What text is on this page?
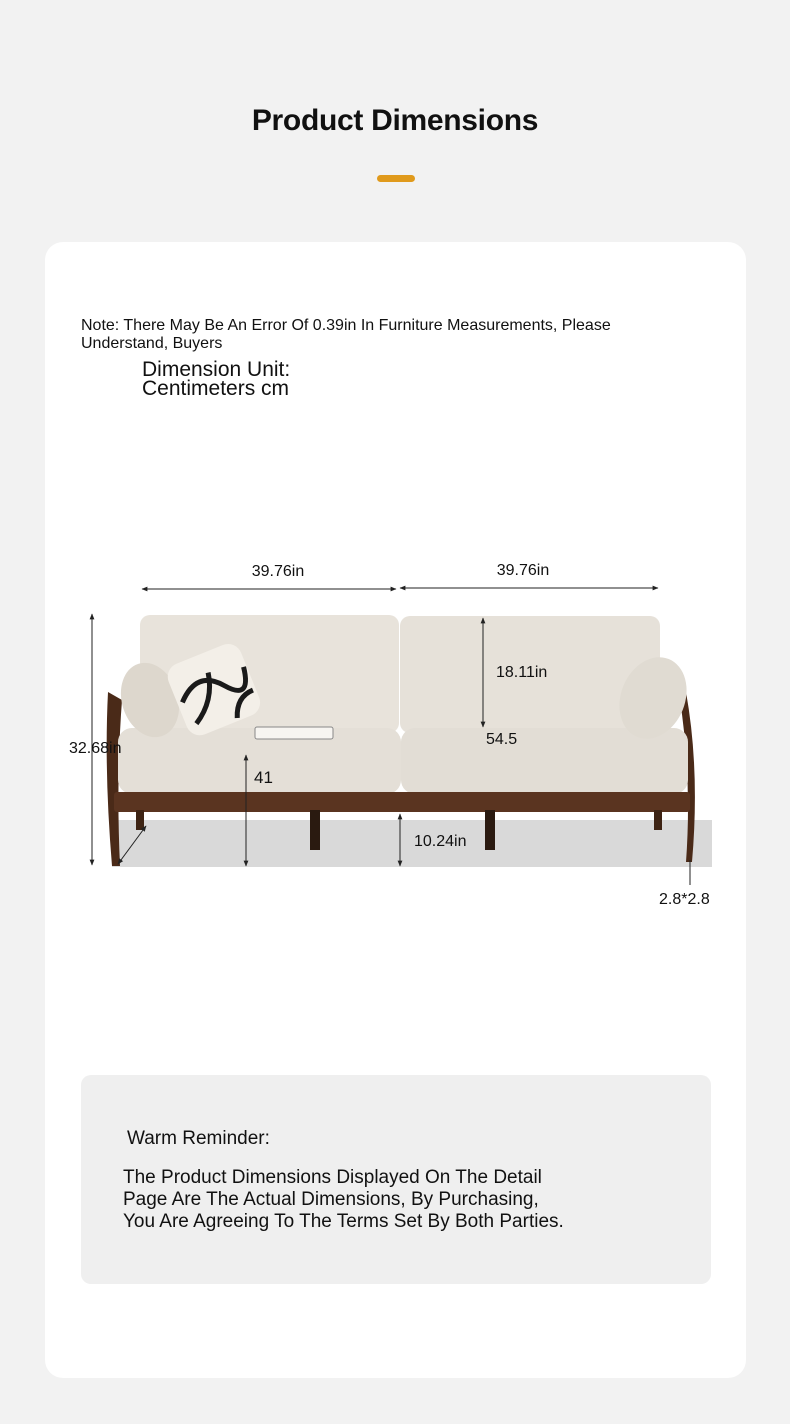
Product Dimensions
Note: There May Be An Error Of 0.39in In Furniture Measurements, Please Understand, Buyers
Dimension Unit:
Centimeters cm
39.76in	39.76in
32.68in
18.11in
54.5
41
10.24in
2.8*2.8
Warm Reminder:
The Product Dimensions Displayed On The Detail
Page Are The Actual Dimensions, By Purchasing,
You Are Agreeing To The Terms Set By Both Parties.
